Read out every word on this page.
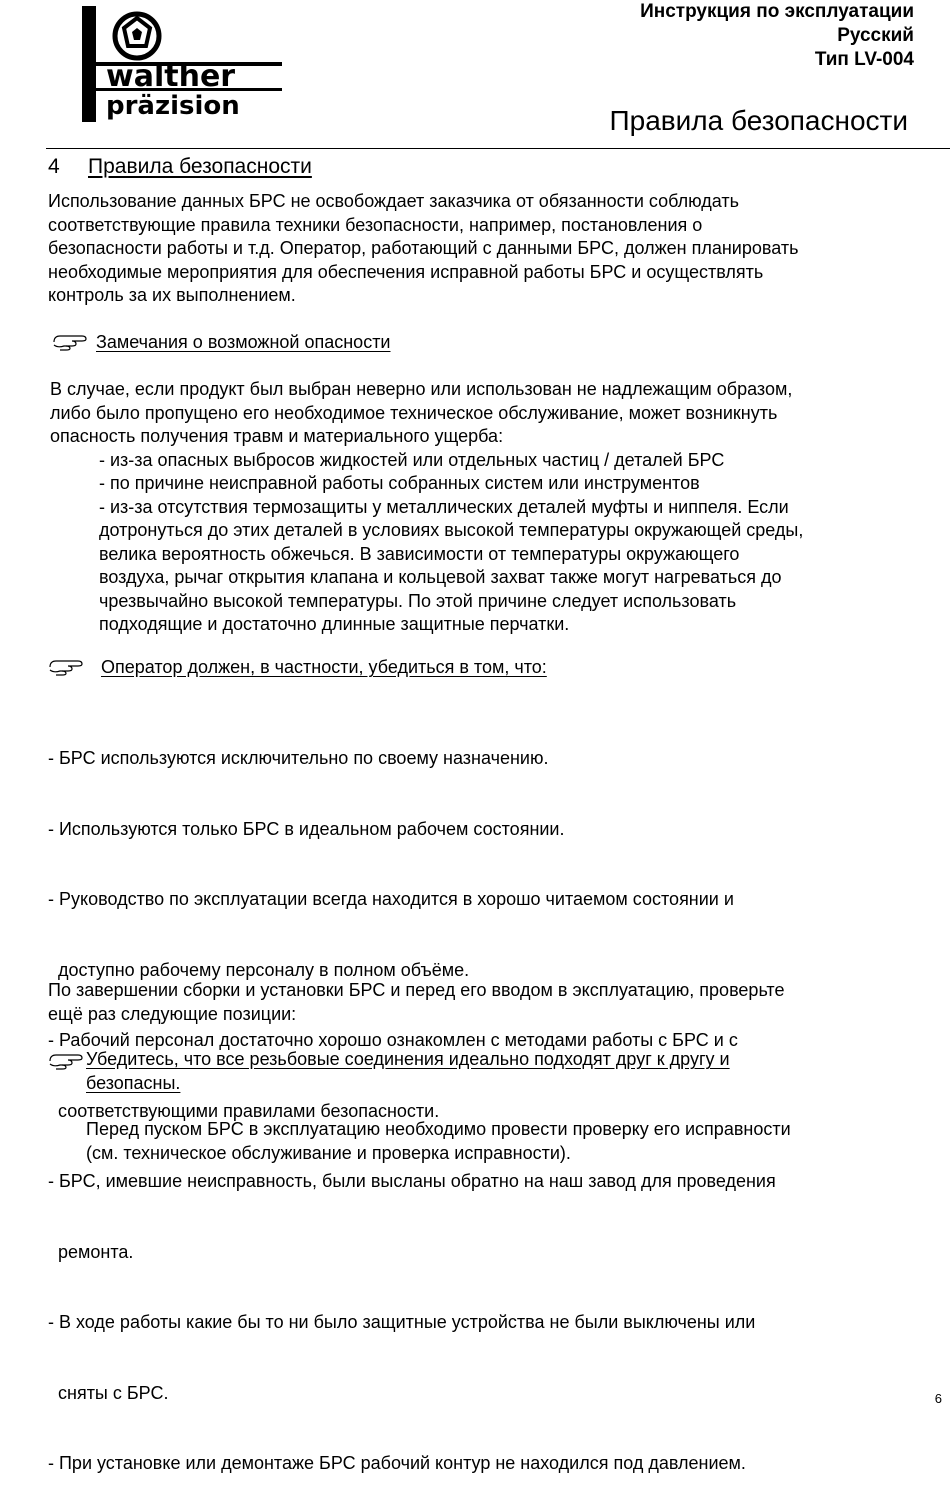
walther
präzision
Инструкция по эксплуатации
Русский
Тип LV-004
Правила безопасности
4 Правила безопасности
Использование данных БРС не освобождает заказчика от обязанности соблюдать
соответствующие правила техники безопасности, например, постановления о
безопасности работы и т.д. Оператор, работающий с данными БРС, должен планировать
необходимые мероприятия для обеспечения исправной работы БРС и осуществлять
контроль за их выполнением.
Замечания о возможной опасности
В случае, если продукт был выбран неверно или использован не надлежащим образом,
либо было пропущено его необходимое техническое обслуживание, может возникнуть
опасность получения травм и материального ущерба:
- из-за опасных выбросов жидкостей или отдельных частиц / деталей БРС
- по причине неисправной работы собранных систем или инструментов
- из-за отсутствия термозащиты у металлических деталей муфты и ниппеля. Если
дотронуться до этих деталей в условиях высокой температуры окружающей среды,
велика вероятность обжечься. В зависимости от температуры окружающего
воздуха, рычаг открытия клапана и кольцевой захват также могут нагреваться до
чрезвычайно высокой температуры. По этой причине следует использовать
подходящие и достаточно длинные защитные перчатки.
Оператор должен, в частности, убедиться в том, что:

- БРС используются исключительно по своему назначению.

- Используются только БРС в идеальном рабочем состоянии.

- Руководство по эксплуатации всегда находится в хорошо читаемом состоянии и

доступно рабочему персоналу в полном объёме.

- Рабочий персонал достаточно хорошо ознакомлен с методами работы с БРС и с

соответствующими правилами безопасности.

- БРС, имевшие неисправность, были высланы обратно на наш завод для проведения

ремонта.

- В ходе работы какие бы то ни было защитные устройства не были выключены или

сняты с БРС.

- При установке или демонтаже БРС рабочий контур не находился под давлением.

По завершении сборки и установки БРС и перед его вводом в эксплуатацию, проверьте
ещё раз следующие позиции:
Убедитесь, что все резьбовые соединения идеально подходят друг к другу и
безопасны.
Перед пуском БРС в эксплуатацию необходимо провести проверку его исправности
(см. техническое обслуживание и проверка исправности).
6
